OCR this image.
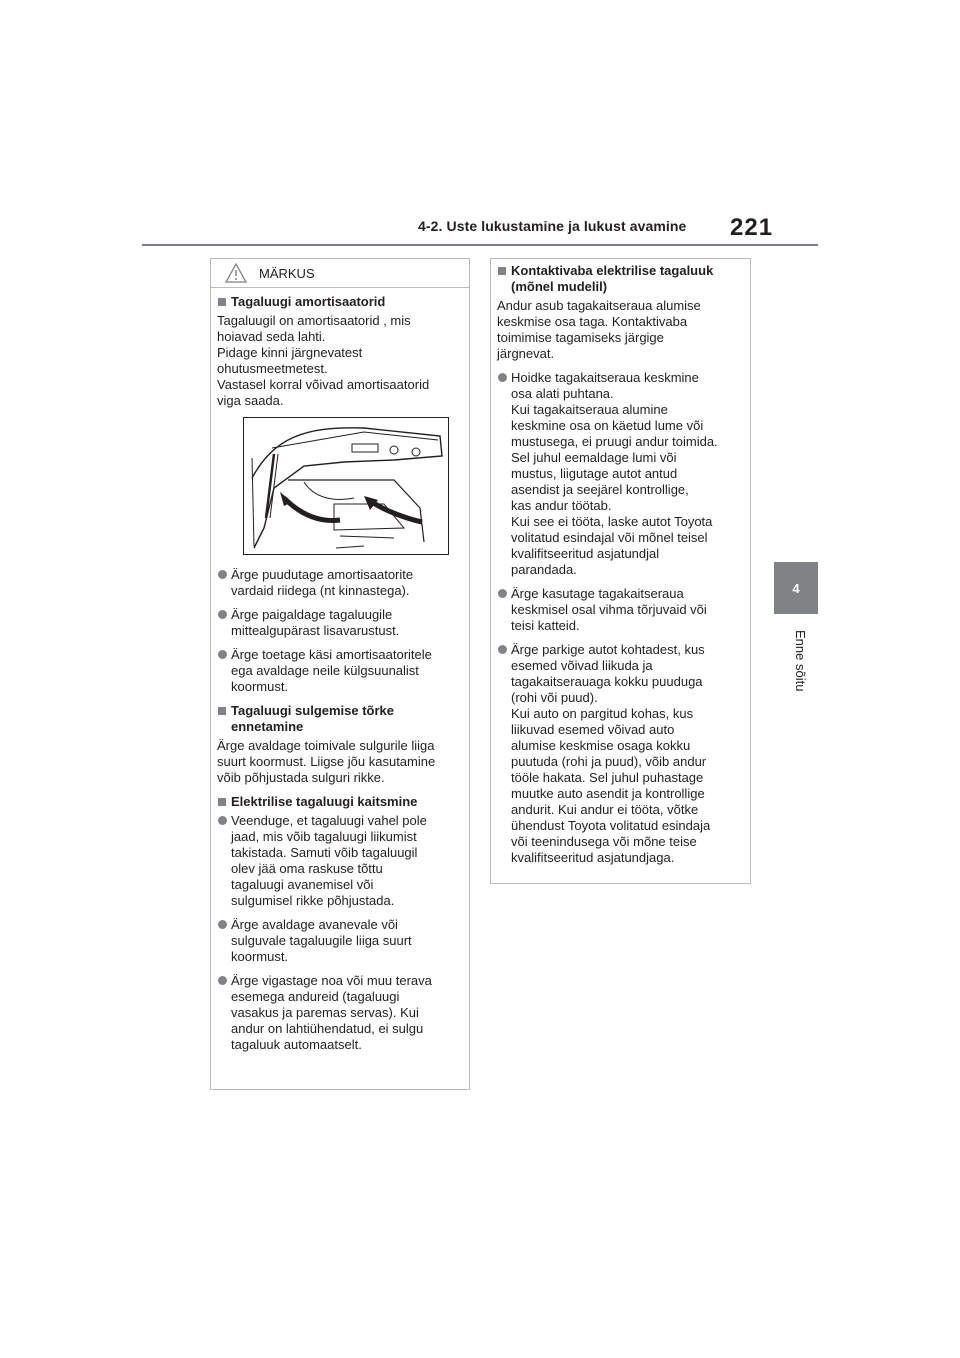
4-2. Uste lukustamine ja lukust avamine 221
4
Enne sõitu
MÄRKUS
Tagaluugi amortisaatorid
Tagaluugil on amortisaatorid , mis
hoiavad seda lahti.
Pidage kinni järgnevatest
ohutusmeetmetest.
Vastasel korral võivad amortisaatorid
viga saada.
Ärge puudutage amortisaatorite
vardaid riidega (nt kinnastega).
Ärge paigaldage tagaluugile
mittealgupärast lisavarustust.
Ärge toetage käsi amortisaatoritele
ega avaldage neile külgsuunalist
koormust.
Tagaluugi sulgemise tõrke
ennetamine
Ärge avaldage toimivale sulgurile liiga
suurt koormust. Liigse jõu kasutamine
võib põhjustada sulguri rikke.
Elektrilise tagaluugi kaitsmine
Veenduge, et tagaluugi vahel pole
jaad, mis võib tagaluugi liikumist
takistada. Samuti võib tagaluugil
olev jää oma raskuse tõttu
tagaluugi avanemisel või
sulgumisel rikke põhjustada.
Ärge avaldage avanevale või
sulguvale tagaluugile liiga suurt
koormust.
Ärge vigastage noa või muu terava
esemega andureid (tagaluugi
vasakus ja paremas servas). Kui
andur on lahtiühendatud, ei sulgu
tagaluuk automaatselt.
Kontaktivaba elektrilise tagaluuk
(mõnel mudelil)
Andur asub tagakaitseraua alumise
keskmise osa taga. Kontaktivaba
toimimise tagamiseks järgige
järgnevat.
Hoidke tagakaitseraua keskmine
osa alati puhtana.
Kui tagakaitseraua alumine
keskmine osa on käetud lume või
mustusega, ei pruugi andur toimida.
Sel juhul eemaldage lumi või
mustus, liigutage autot antud
asendist ja seejärel kontrollige,
kas andur töötab.
Kui see ei tööta, laske autot Toyota
volitatud esindajal või mõnel teisel
kvalifitseeritud asjatundjal
parandada.
Ärge kasutage tagakaitseraua
keskmisel osal vihma tõrjuvaid või
teisi katteid.
Ärge parkige autot kohtadest, kus
esemed võivad liikuda ja
tagakaitserauaga kokku puuduga
(rohi või puud).
Kui auto on pargitud kohas, kus
liikuvad esemed võivad auto
alumise keskmise osaga kokku
puutuda (rohi ja puud), võib andur
tööle hakata. Sel juhul puhastage
muutke auto asendit ja kontrollige
andurit. Kui andur ei tööta, võtke
ühendust Toyota volitatud esindaja
või teenindusega või mõne teise
kvalifitseeritud asjatundjaga.
